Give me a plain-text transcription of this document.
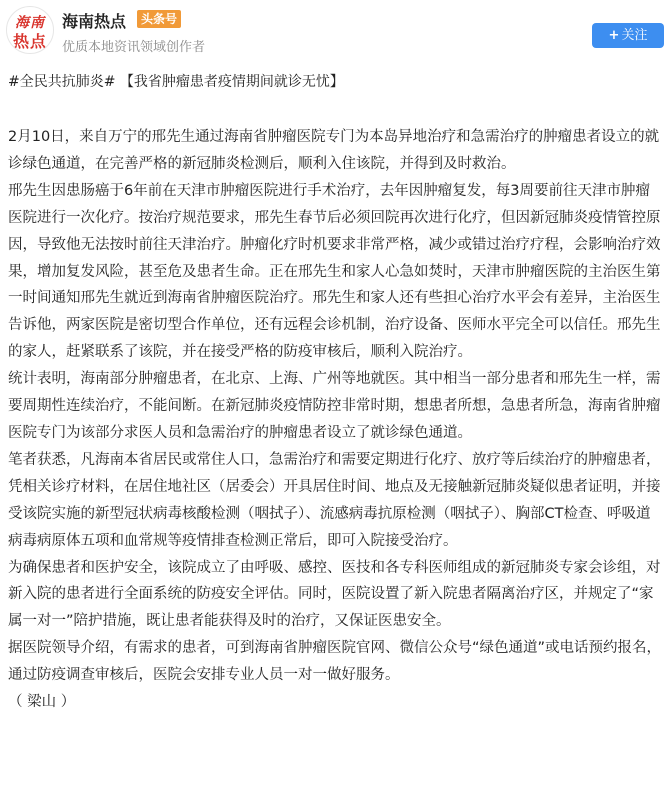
海南
热点
海南热点	头条号
优质本地资讯领域创作者
+ 关注
#全民共抗肺炎# 【我省肿瘤患者疫情期间就诊无忧】

2月10日，来自万宁的邢先生通过海南省肿瘤医院专门为本岛异地治疗和急需治疗的肿瘤患者设立的就诊绿色通道，在完善严格的新冠肺炎检测后，顺利入住该院，并得到及时救治。

邢先生因患肠癌于6年前在天津市肿瘤医院进行手术治疗，去年因肿瘤复发，每3周要前往天津市肿瘤医院进行一次化疗。按治疗规范要求，邢先生春节后必须回院再次进行化疗，但因新冠肺炎疫情管控原因，导致他无法按时前往天津治疗。肿瘤化疗时机要求非常严格，减少或错过治疗疗程，会影响治疗效果，增加复发风险，甚至危及患者生命。正在邢先生和家人心急如焚时，天津市肿瘤医院的主治医生第一时间通知邢先生就近到海南省肿瘤医院治疗。邢先生和家人还有些担心治疗水平会有差异，主治医生告诉他，两家医院是密切型合作单位，还有远程会诊机制，治疗设备、医师水平完全可以信任。邢先生的家人，赶紧联系了该院，并在接受严格的防疫审核后，顺利入院治疗。

统计表明，海南部分肿瘤患者，在北京、上海、广州等地就医。其中相当一部分患者和邢先生一样，需要周期性连续治疗，不能间断。在新冠肺炎疫情防控非常时期，想患者所想，急患者所急，海南省肿瘤医院专门为该部分求医人员和急需治疗的肿瘤患者设立了就诊绿色通道。

笔者获悉，凡海南本省居民或常住人口，急需治疗和需要定期进行化疗、放疗等后续治疗的肿瘤患者，凭相关诊疗材料，在居住地社区（居委会）开具居住时间、地点及无接触新冠肺炎疑似患者证明，并接受该院实施的新型冠状病毒核酸检测（咽拭子）、流感病毒抗原检测（咽拭子）、胸部CT检查、呼吸道病毒病原体五项和血常规等疫情排查检测正常后，即可入院接受治疗。

为确保患者和医护安全，该院成立了由呼吸、感控、医技和各专科医师组成的新冠肺炎专家会诊组，对新入院的患者进行全面系统的防疫安全评估。同时，医院设置了新入院患者隔离治疗区，并规定了“家属一对一”陪护措施，既让患者能获得及时的治疗，又保证医患安全。

据医院领导介绍，有需求的患者，可到海南省肿瘤医院官网、微信公众号“绿色通道”或电话预约报名，通过防疫调查审核后，医院会安排专业人员一对一做好服务。

（ 梁山 ）
